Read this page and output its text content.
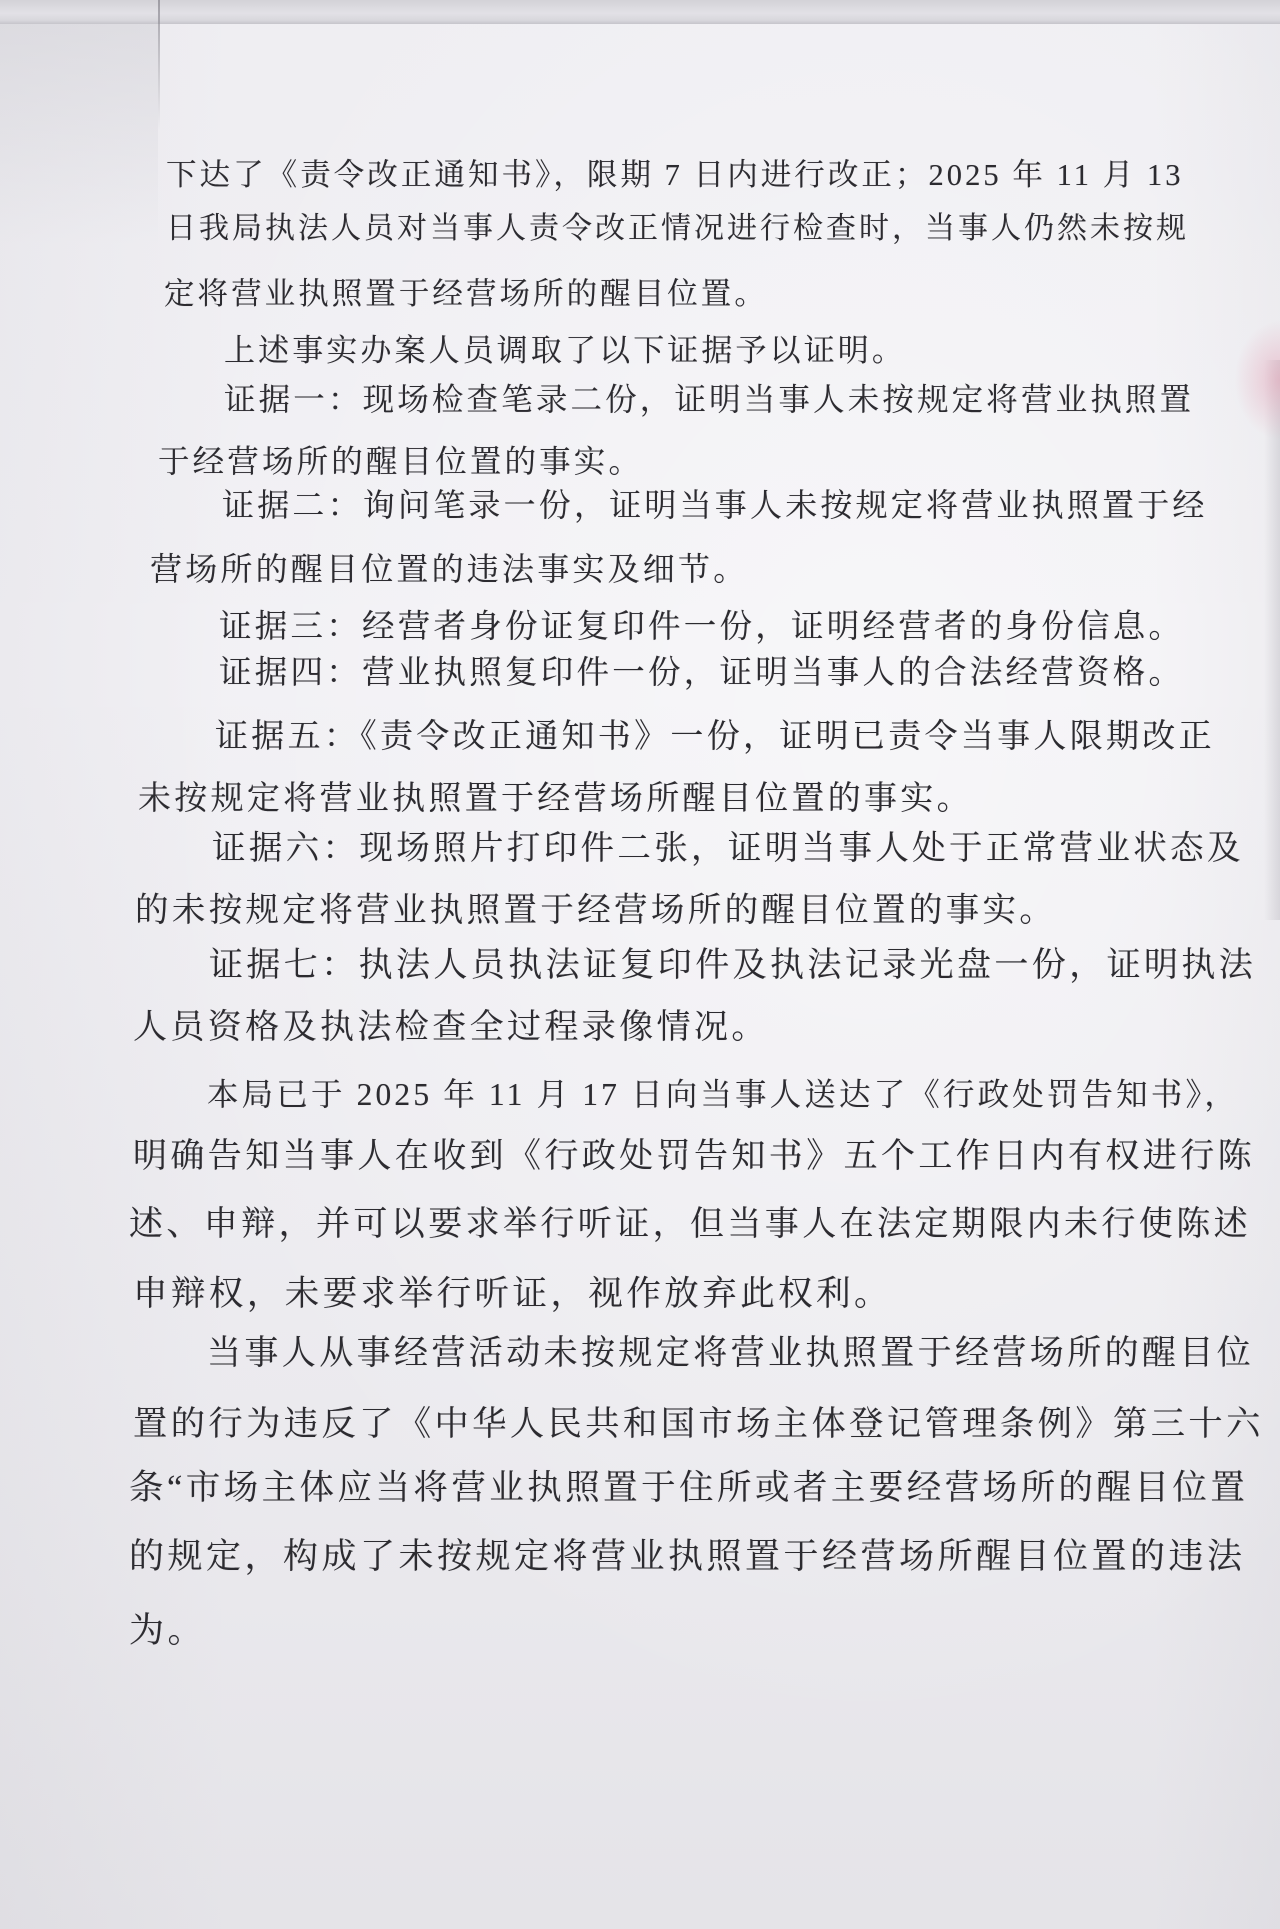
下达了《责令改正通知书》，限期 7 日内进行改正；2025 年 11 月 13
日我局执法人员对当事人责令改正情况进行检查时，当事人仍然未按规
定将营业执照置于经营场所的醒目位置。
上述事实办案人员调取了以下证据予以证明。
证据一：现场检查笔录二份，证明当事人未按规定将营业执照置
于经营场所的醒目位置的事实。
证据二：询问笔录一份，证明当事人未按规定将营业执照置于经
营场所的醒目位置的违法事实及细节。
证据三：经营者身份证复印件一份，证明经营者的身份信息。
证据四：营业执照复印件一份，证明当事人的合法经营资格。
证据五：《责令改正通知书》一份，证明已责令当事人限期改正
未按规定将营业执照置于经营场所醒目位置的事实。
证据六：现场照片打印件二张，证明当事人处于正常营业状态及
的未按规定将营业执照置于经营场所的醒目位置的事实。
证据七：执法人员执法证复印件及执法记录光盘一份，证明执法
人员资格及执法检查全过程录像情况。
本局已于 2025 年 11 月 17 日向当事人送达了《行政处罚告知书》，
明确告知当事人在收到《行政处罚告知书》五个工作日内有权进行陈
述、申辩，并可以要求举行听证，但当事人在法定期限内未行使陈述
申辩权，未要求举行听证，视作放弃此权利。
当事人从事经营活动未按规定将营业执照置于经营场所的醒目位
置的行为违反了《中华人民共和国市场主体登记管理条例》第三十六
条“市场主体应当将营业执照置于住所或者主要经营场所的醒目位置
的规定，构成了未按规定将营业执照置于经营场所醒目位置的违法
为。
